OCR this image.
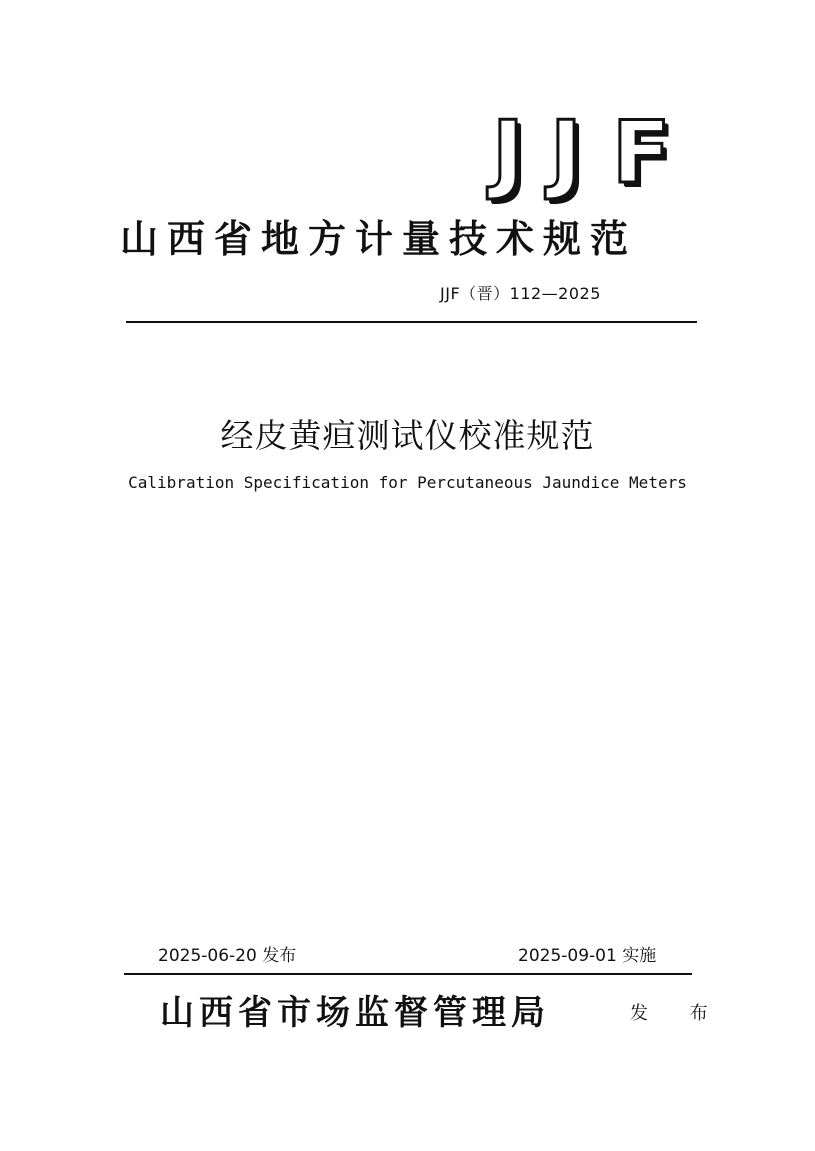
J J F
山西省地方计量技术规范
JJF（晋）112—2025
经皮黄疸测试仪校准规范
Calibration Specification for Percutaneous Jaundice Meters
2025-06-20 发布	2025-09-01 实施
山西省市场监督管理局	发 布
